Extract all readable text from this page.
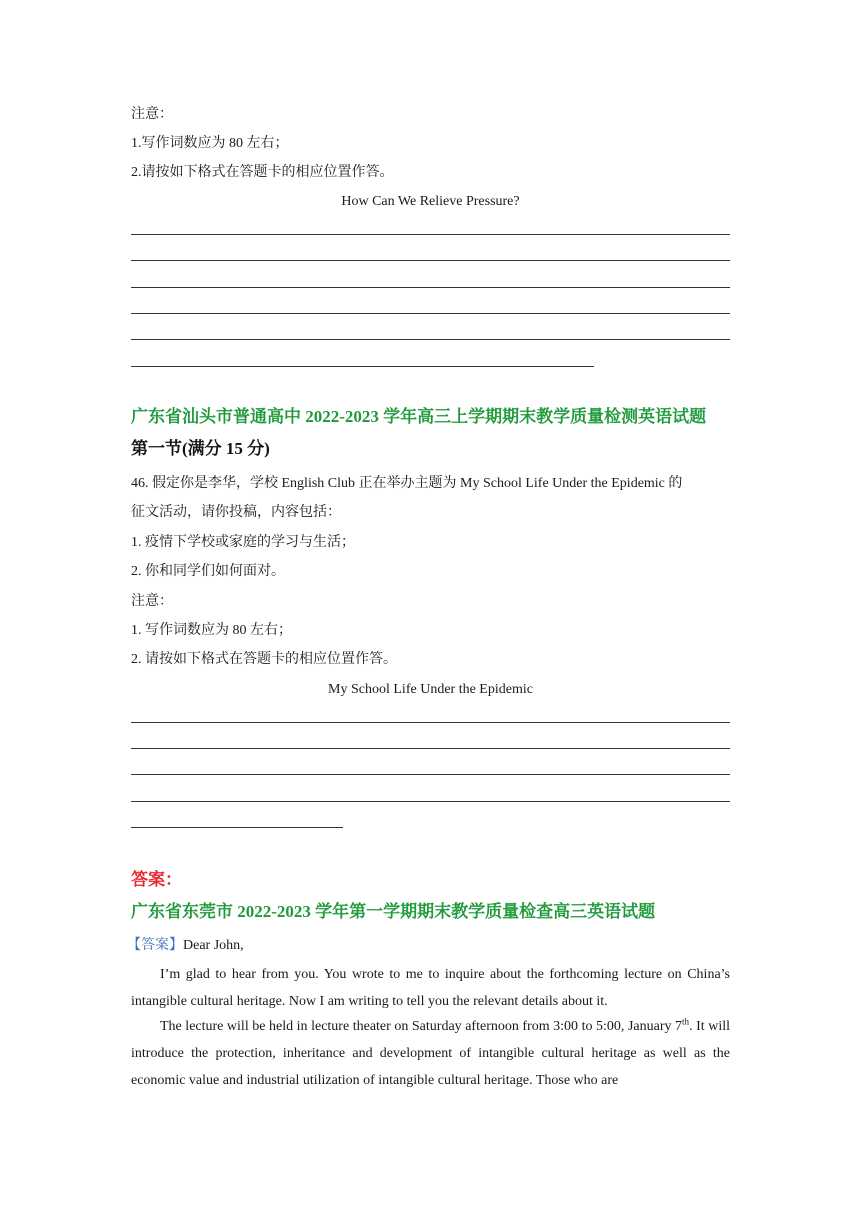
注意：
1.写作词数应为 80 左右；
2.请按如下格式在答题卡的相应位置作答。
How Can We Relieve Pressure?
广东省汕头市普通高中 2022-2023 学年高三上学期期末教学质量检测英语试题
第一节(满分 15 分)
46. 假定你是李华，学校 English Club 正在举办主题为 My School Life Under the Epidemic 的
征文活动，请你投稿，内容包括：
1. 疫情下学校或家庭的学习与生活；
2. 你和同学们如何面对。
注意：
1. 写作词数应为 80 左右；
2. 请按如下格式在答题卡的相应位置作答。
My School Life Under the Epidemic
答案：
广东省东莞市 2022-2023 学年第一学期期末教学质量检查高三英语试题
【答案】Dear John,
I’m glad to hear from you. You wrote to me to inquire about the forthcoming lecture on China’s intangible cultural heritage. Now I am writing to tell you the relevant details about it.
The lecture will be held in lecture theater on Saturday afternoon from 3:00 to 5:00, January 7th. It will introduce the protection, inheritance and development of intangible cultural heritage as well as the economic value and industrial utilization of intangible cultural heritage. Those who are
